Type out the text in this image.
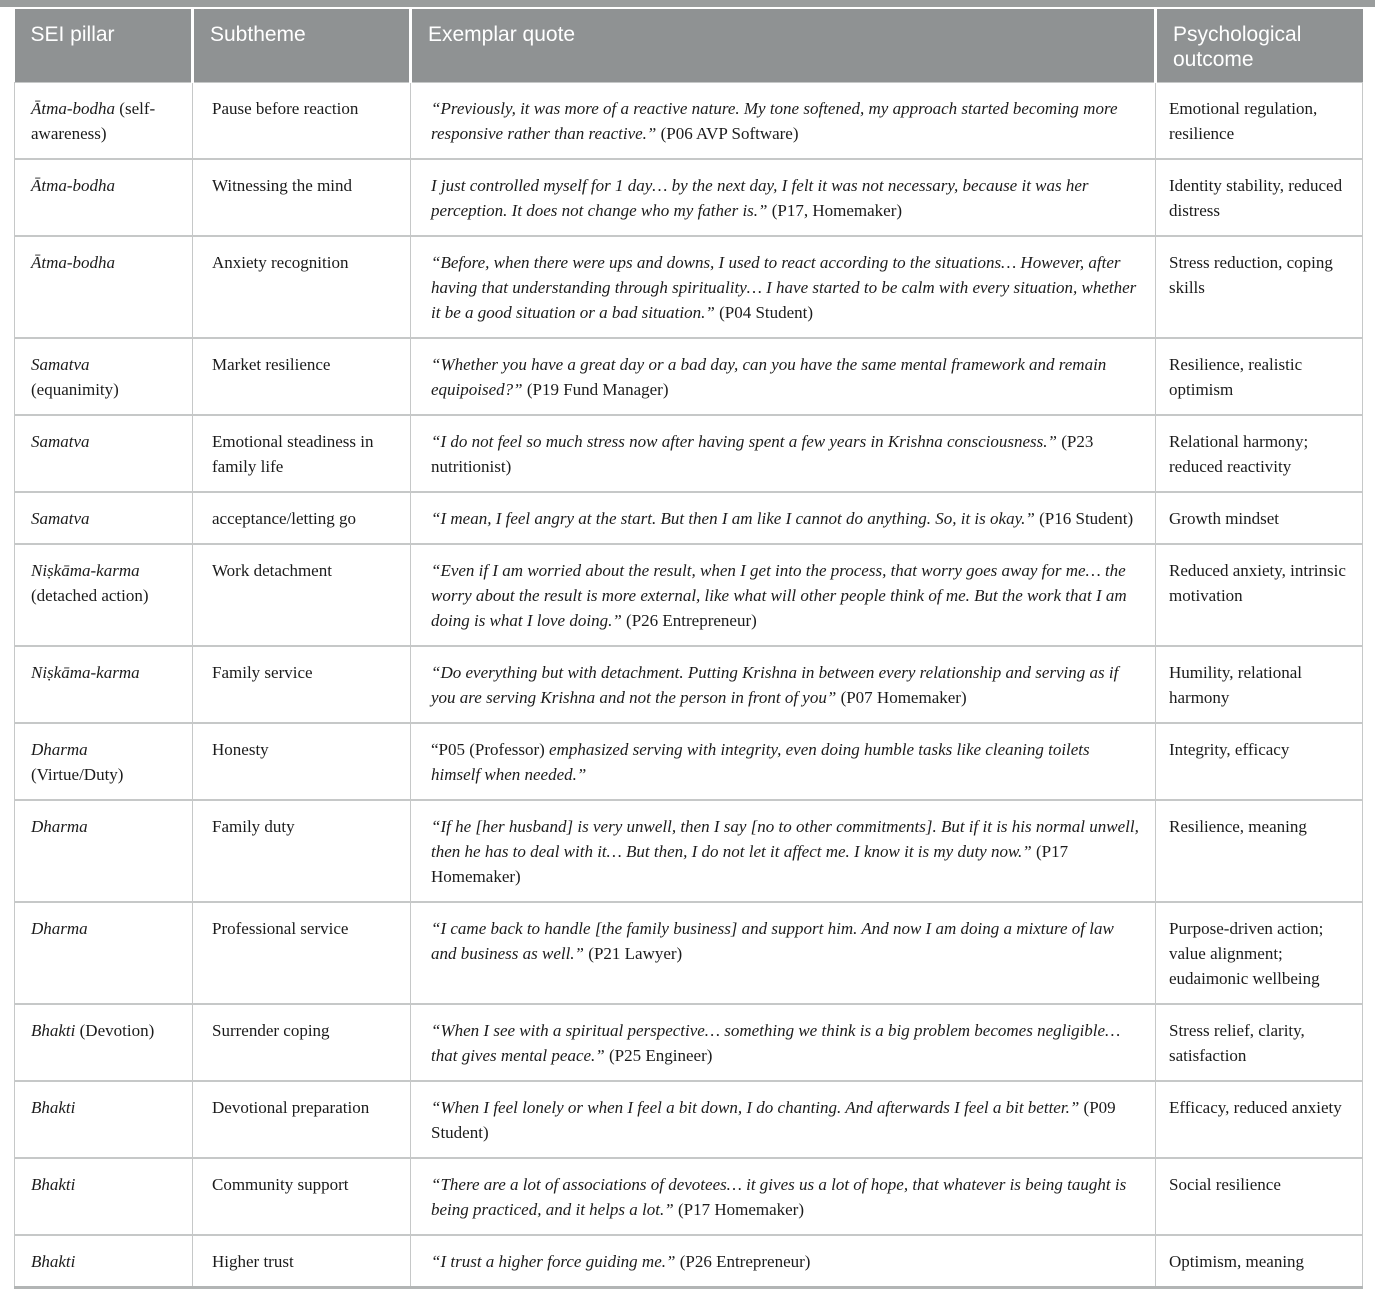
SEI pillar	Subtheme	Exemplar quote	Psychological outcome
Ātma-bodha (self-awareness)	Pause before reaction	“Previously, it was more of a reactive nature. My tone softened, my approach started becoming more responsive rather than reactive.” (P06 AVP Software)	Emotional regulation, resilience
Ātma-bodha	Witnessing the mind	I just controlled myself for 1 day… by the next day, I felt it was not necessary, because it was her perception. It does not change who my father is.” (P17, Homemaker)	Identity stability, reduced distress
Ātma-bodha	Anxiety recognition	“Before, when there were ups and downs, I used to react according to the situations… However, after having that understanding through spirituality… I have started to be calm with every situation, whether it be a good situation or a bad situation.” (P04 Student)	Stress reduction, coping skills
Samatva (equanimity)	Market resilience	“Whether you have a great day or a bad day, can you have the same mental framework and remain equipoised?” (P19 Fund Manager)	Resilience, realistic optimism
Samatva	Emotional steadiness in family life	“I do not feel so much stress now after having spent a few years in Krishna consciousness.” (P23 nutritionist)	Relational harmony; reduced reactivity
Samatva	acceptance/letting go	“I mean, I feel angry at the start. But then I am like I cannot do anything. So, it is okay.” (P16 Student)	Growth mindset
Niṣkāma-karma (detached action)	Work detachment	“Even if I am worried about the result, when I get into the process, that worry goes away for me… the worry about the result is more external, like what will other people think of me. But the work that I am doing is what I love doing.” (P26 Entrepreneur)	Reduced anxiety, intrinsic motivation
Niṣkāma-karma	Family service	“Do everything but with detachment. Putting Krishna in between every relationship and serving as if you are serving Krishna and not the person in front of you” (P07 Homemaker)	Humility, relational harmony
Dharma (Virtue/Duty)	Honesty	“P05 (Professor) emphasized serving with integrity, even doing humble tasks like cleaning toilets himself when needed.”	Integrity, efficacy
Dharma	Family duty	“If he [her husband] is very unwell, then I say [no to other commitments]. But if it is his normal unwell, then he has to deal with it… But then, I do not let it affect me. I know it is my duty now.” (P17 Homemaker)	Resilience, meaning
Dharma	Professional service	“I came back to handle [the family business] and support him. And now I am doing a mixture of law and business as well.” (P21 Lawyer)	Purpose-driven action; value alignment; eudaimonic wellbeing
Bhakti (Devotion)	Surrender coping	“When I see with a spiritual perspective… something we think is a big problem becomes negligible… that gives mental peace.” (P25 Engineer)	Stress relief, clarity, satisfaction
Bhakti	Devotional preparation	“When I feel lonely or when I feel a bit down, I do chanting. And afterwards I feel a bit better.” (P09 Student)	Efficacy, reduced anxiety
Bhakti	Community support	“There are a lot of associations of devotees… it gives us a lot of hope, that whatever is being taught is being practiced, and it helps a lot.” (P17 Homemaker)	Social resilience
Bhakti	Higher trust	“I trust a higher force guiding me.” (P26 Entrepreneur)	Optimism, meaning
